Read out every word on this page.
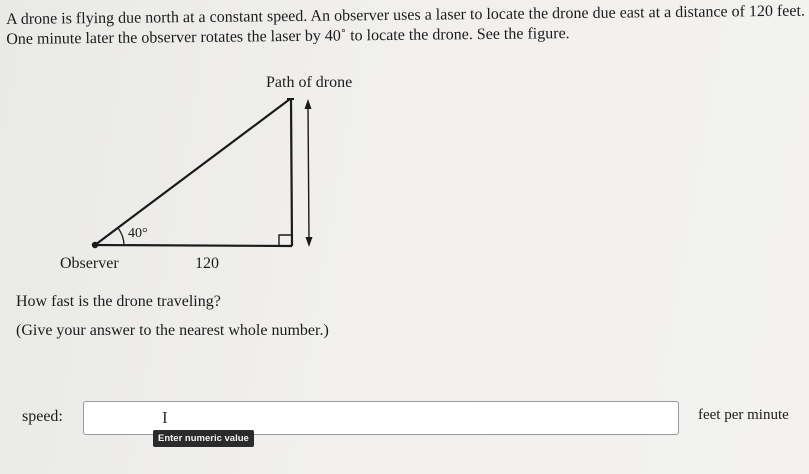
A drone is flying due north at a constant speed. An observer uses a laser to locate the drone due east at a distance of 120 feet.

One minute later the observer rotates the laser by 40˚ to locate the drone. See the figure.

Path of drone
40°
Observer	120

How fast is the drone traveling?

(Give your answer to the nearest whole number.)

speed:	I
Enter numeric value
feet per minute
